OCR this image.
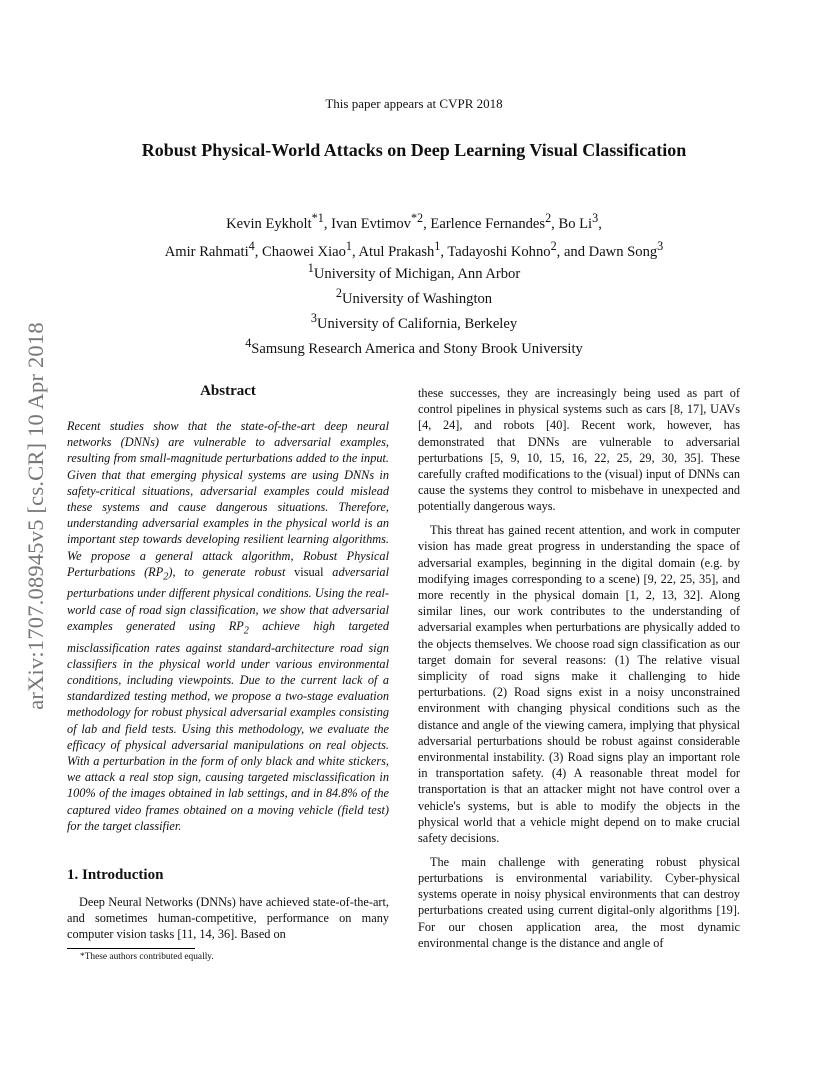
This paper appears at CVPR 2018
Robust Physical-World Attacks on Deep Learning Visual Classification
Kevin Eykholt$^{*1}$, Ivan Evtimov$^{*2}$, Earlence Fernandes$^2$, Bo Li$^3$,
Amir Rahmati$^4$, Chaowei Xiao$^1$, Atul Prakash$^1$, Tadayoshi Kohno$^2$, and Dawn Song$^3$
$^1$University of Michigan, Ann Arbor
$^2$University of Washington
$^3$University of California, Berkeley
$^4$Samsung Research America and Stony Brook University
arXiv:1707.08945v5 [cs.CR] 10 Apr 2018	Abstract
Recent studies show that the state-of-the-art deep neural networks (DNNs) are vulnerable to adversarial examples, resulting from small-magnitude perturbations added to the input. Given that that emerging physical systems are using DNNs in safety-critical situations, adversarial examples could mislead these systems and cause dangerous situations. Therefore, understanding adversarial examples in the physical world is an important step towards developing resilient learning algorithms. We propose a general attack algorithm, Robust Physical Perturbations $(RP_2)$, to generate robust visual adversarial perturbations under different physical conditions. Using the real-world case of road sign classification, we show that adversarial examples generated using $RP_2$ achieve high targeted misclassification rates against standard-architecture road sign classifiers in the physical world under various environmental conditions, including viewpoints. Due to the current lack of a standardized testing method, we propose a two-stage evaluation methodology for robust physical adversarial examples consisting of lab and field tests. Using this methodology, we evaluate the efficacy of physical adversarial manipulations on real objects. With a perturbation in the form of only black and white stickers, we attack a real stop sign, causing targeted misclassification in 100% of the images obtained in lab settings, and in 84.8% of the captured video frames obtained on a moving vehicle (field test) for the target classifier.
1. Introduction
Deep Neural Networks (DNNs) have achieved state-of-the-art, and sometimes human-competitive, performance on many computer vision tasks [11, 14, 36]. Based on
*These authors contributed equally.

these successes, they are increasingly being used as part of control pipelines in physical systems such as cars [8, 17], UAVs [4, 24], and robots [40]. Recent work, however, has demonstrated that DNNs are vulnerable to adversarial perturbations [5, 9, 10, 15, 16, 22, 25, 29, 30, 35]. These carefully crafted modifications to the (visual) input of DNNs can cause the systems they control to misbehave in unexpected and potentially dangerous ways.

This threat has gained recent attention, and work in computer vision has made great progress in understanding the space of adversarial examples, beginning in the digital domain (e.g. by modifying images corresponding to a scene) [9, 22, 25, 35], and more recently in the physical domain [1, 2, 13, 32]. Along similar lines, our work contributes to the understanding of adversarial examples when perturbations are physically added to the objects themselves. We choose road sign classification as our target domain for several reasons: (1) The relative visual simplicity of road signs make it challenging to hide perturbations. (2) Road signs exist in a noisy unconstrained environment with changing physical conditions such as the distance and angle of the viewing camera, implying that physical adversarial perturbations should be robust against considerable environmental instability. (3) Road signs play an important role in transportation safety. (4) A reasonable threat model for transportation is that an attacker might not have control over a vehicle's systems, but is able to modify the objects in the physical world that a vehicle might depend on to make crucial safety decisions.

The main challenge with generating robust physical perturbations is environmental variability. Cyber-physical systems operate in noisy physical environments that can destroy perturbations created using current digital-only algorithms [19]. For our chosen application area, the most dynamic environmental change is the distance and angle of
